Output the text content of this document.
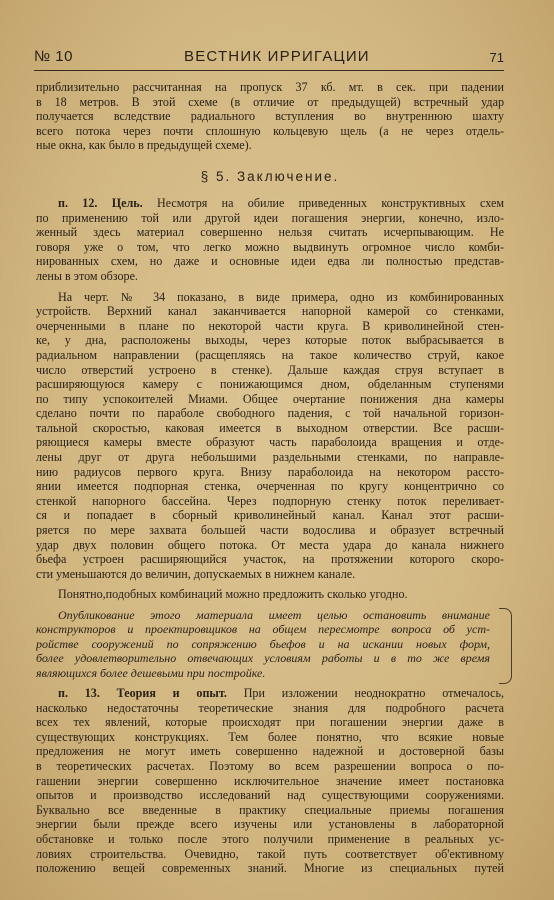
№ 10	ВЕСТНИК ИРРИГАЦИИ	71

приблизительно рассчитанная на пропуск 37 кб. мт. в сек. при падении
в 18 метров. В этой схеме (в отличие от предыдущей) встречный удар
получается вследствие радиального вступления во внутреннюю шахту
всего потока через почти сплошную кольцевую щель (а не через отдель-
ные окна, как было в предыдущей схеме).

§ 5. Заключение.

п. 12. Цель. Несмотря на обилие приведенных конструктивных схем
по применению той или другой идеи погашения энергии, конечно, изло-
женный здесь материал совершенно нельзя считать исчерпывающим. Не
говоря уже о том, что легко можно выдвинуть огромное число комби-
нированных схем, но даже и основные идеи едва ли полностью представ-
лены в этом обзоре.

На черт. № 34 показано, в виде примера, одно из комбинированных
устройств. Верхний канал заканчивается напорной камерой со стенками,
очерченными в плане по некоторой части круга. В криволинейной стен-
ке, у дна, расположены выходы, через которые поток выбрасывается в
радиальном направлении (расщепляясь на такое количество струй, какое
число отверстий устроено в стенке). Дальше каждая струя вступает в
расширяющуюся камеру с понижающимся дном, обделанным ступенями
по типу успокоителей Миами. Общее очертание понижения дна камеры
сделано почти по параболе свободного падения, с той начальной горизон-
тальной скоростью, каковая имеется в выходном отверстии. Все расши-
ряющиеся камеры вместе образуют часть параболоида вращения и отде-
лены друг от друга небольшими раздельными стенками, по направле-
нию радиусов первого круга. Внизу параболоида на некотором рассто-
янии имеется подпорная стенка, очерченная по кругу концентрично со
стенкой напорного бассейна. Через подпорную стенку поток переливает-
ся и попадает в сборный криволинейный канал. Канал этот расши-
ряется по мере захвата большей части водослива и образует встречный
удар двух половин общего потока. От места удара до канала нижнего
бьефа устроен расширяющийся участок, на протяжении которого скоро-
сти уменьшаются до величин, допускаемых в нижнем канале.

Понятно,подобных комбинаций можно предложить сколько угодно.

Опубликование этого материала имеет целью остановить внимание
конструкторов и проектировщиков на общем пересмотре вопроса об уст-
ройстве сооружений по сопряжению бьефов и на искании новых форм,
более удовлетворительно отвечающих условиям работы и в то же время
являющихся более дешевыми при постройке.

п. 13. Теория и опыт. При изложении неоднократно отмечалось,
насколько недостаточны теоретические знания для подробного расчета
всех тех явлений, которые происходят при погашении энергии даже в
существующих конструкциях. Тем более понятно, что всякие новые
предложения не могут иметь совершенно надежной и достоверной базы
в теоретических расчетах. Поэтому во всем разрешении вопроса о по-
гашении энергии совершенно исключительное значение имеет постановка
опытов и производство исследований над существующими сооружениями.
Буквально все введенные в практику специальные приемы погашения
энергии были прежде всего изучены или установлены в лабораторной
обстановке и только после этого получили применение в реальных ус-
ловиях строительства. Очевидно, такой путь соответствует об'ективному
положению вещей современных знаний. Многие из специальных путей
